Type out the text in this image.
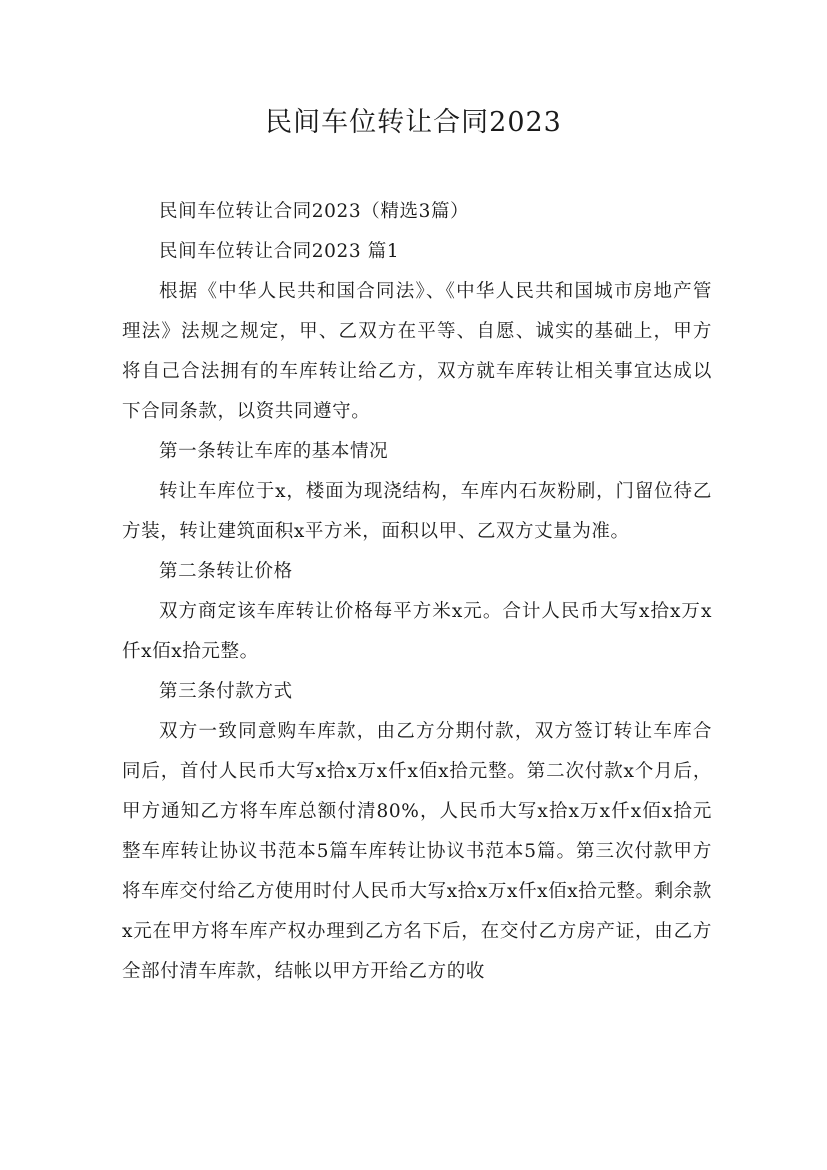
民间车位转让合同2023

民间车位转让合同2023（精选3篇）

民间车位转让合同2023 篇1

根据《中华人民共和国合同法》、《中华人民共和国城市房地产管理法》法规之规定，甲、乙双方在平等、自愿、诚实的基础上，甲方将自己合法拥有的车库转让给乙方，双方就车库转让相关事宜达成以下合同条款，以资共同遵守。

第一条转让车库的基本情况

转让车库位于x，楼面为现浇结构，车库内石灰粉刷，门留位待乙方装，转让建筑面积x平方米，面积以甲、乙双方丈量为准。

第二条转让价格

双方商定该车库转让价格每平方米x元。合计人民币大写x拾x万x仟x佰x拾元整。

第三条付款方式

双方一致同意购车库款，由乙方分期付款，双方签订转让车库合同后，首付人民币大写x拾x万x仟x佰x拾元整。第二次付款x个月后，甲方通知乙方将车库总额付清80%，人民币大写x拾x万x仟x佰x拾元整车库转让协议书范本5篇车库转让协议书范本5篇。第三次付款甲方将车库交付给乙方使用时付人民币大写x拾x万x仟x佰x拾元整。剩余款x元在甲方将车库产权办理到乙方名下后，在交付乙方房产证，由乙方全部付清车库款，结帐以甲方开给乙方的收
